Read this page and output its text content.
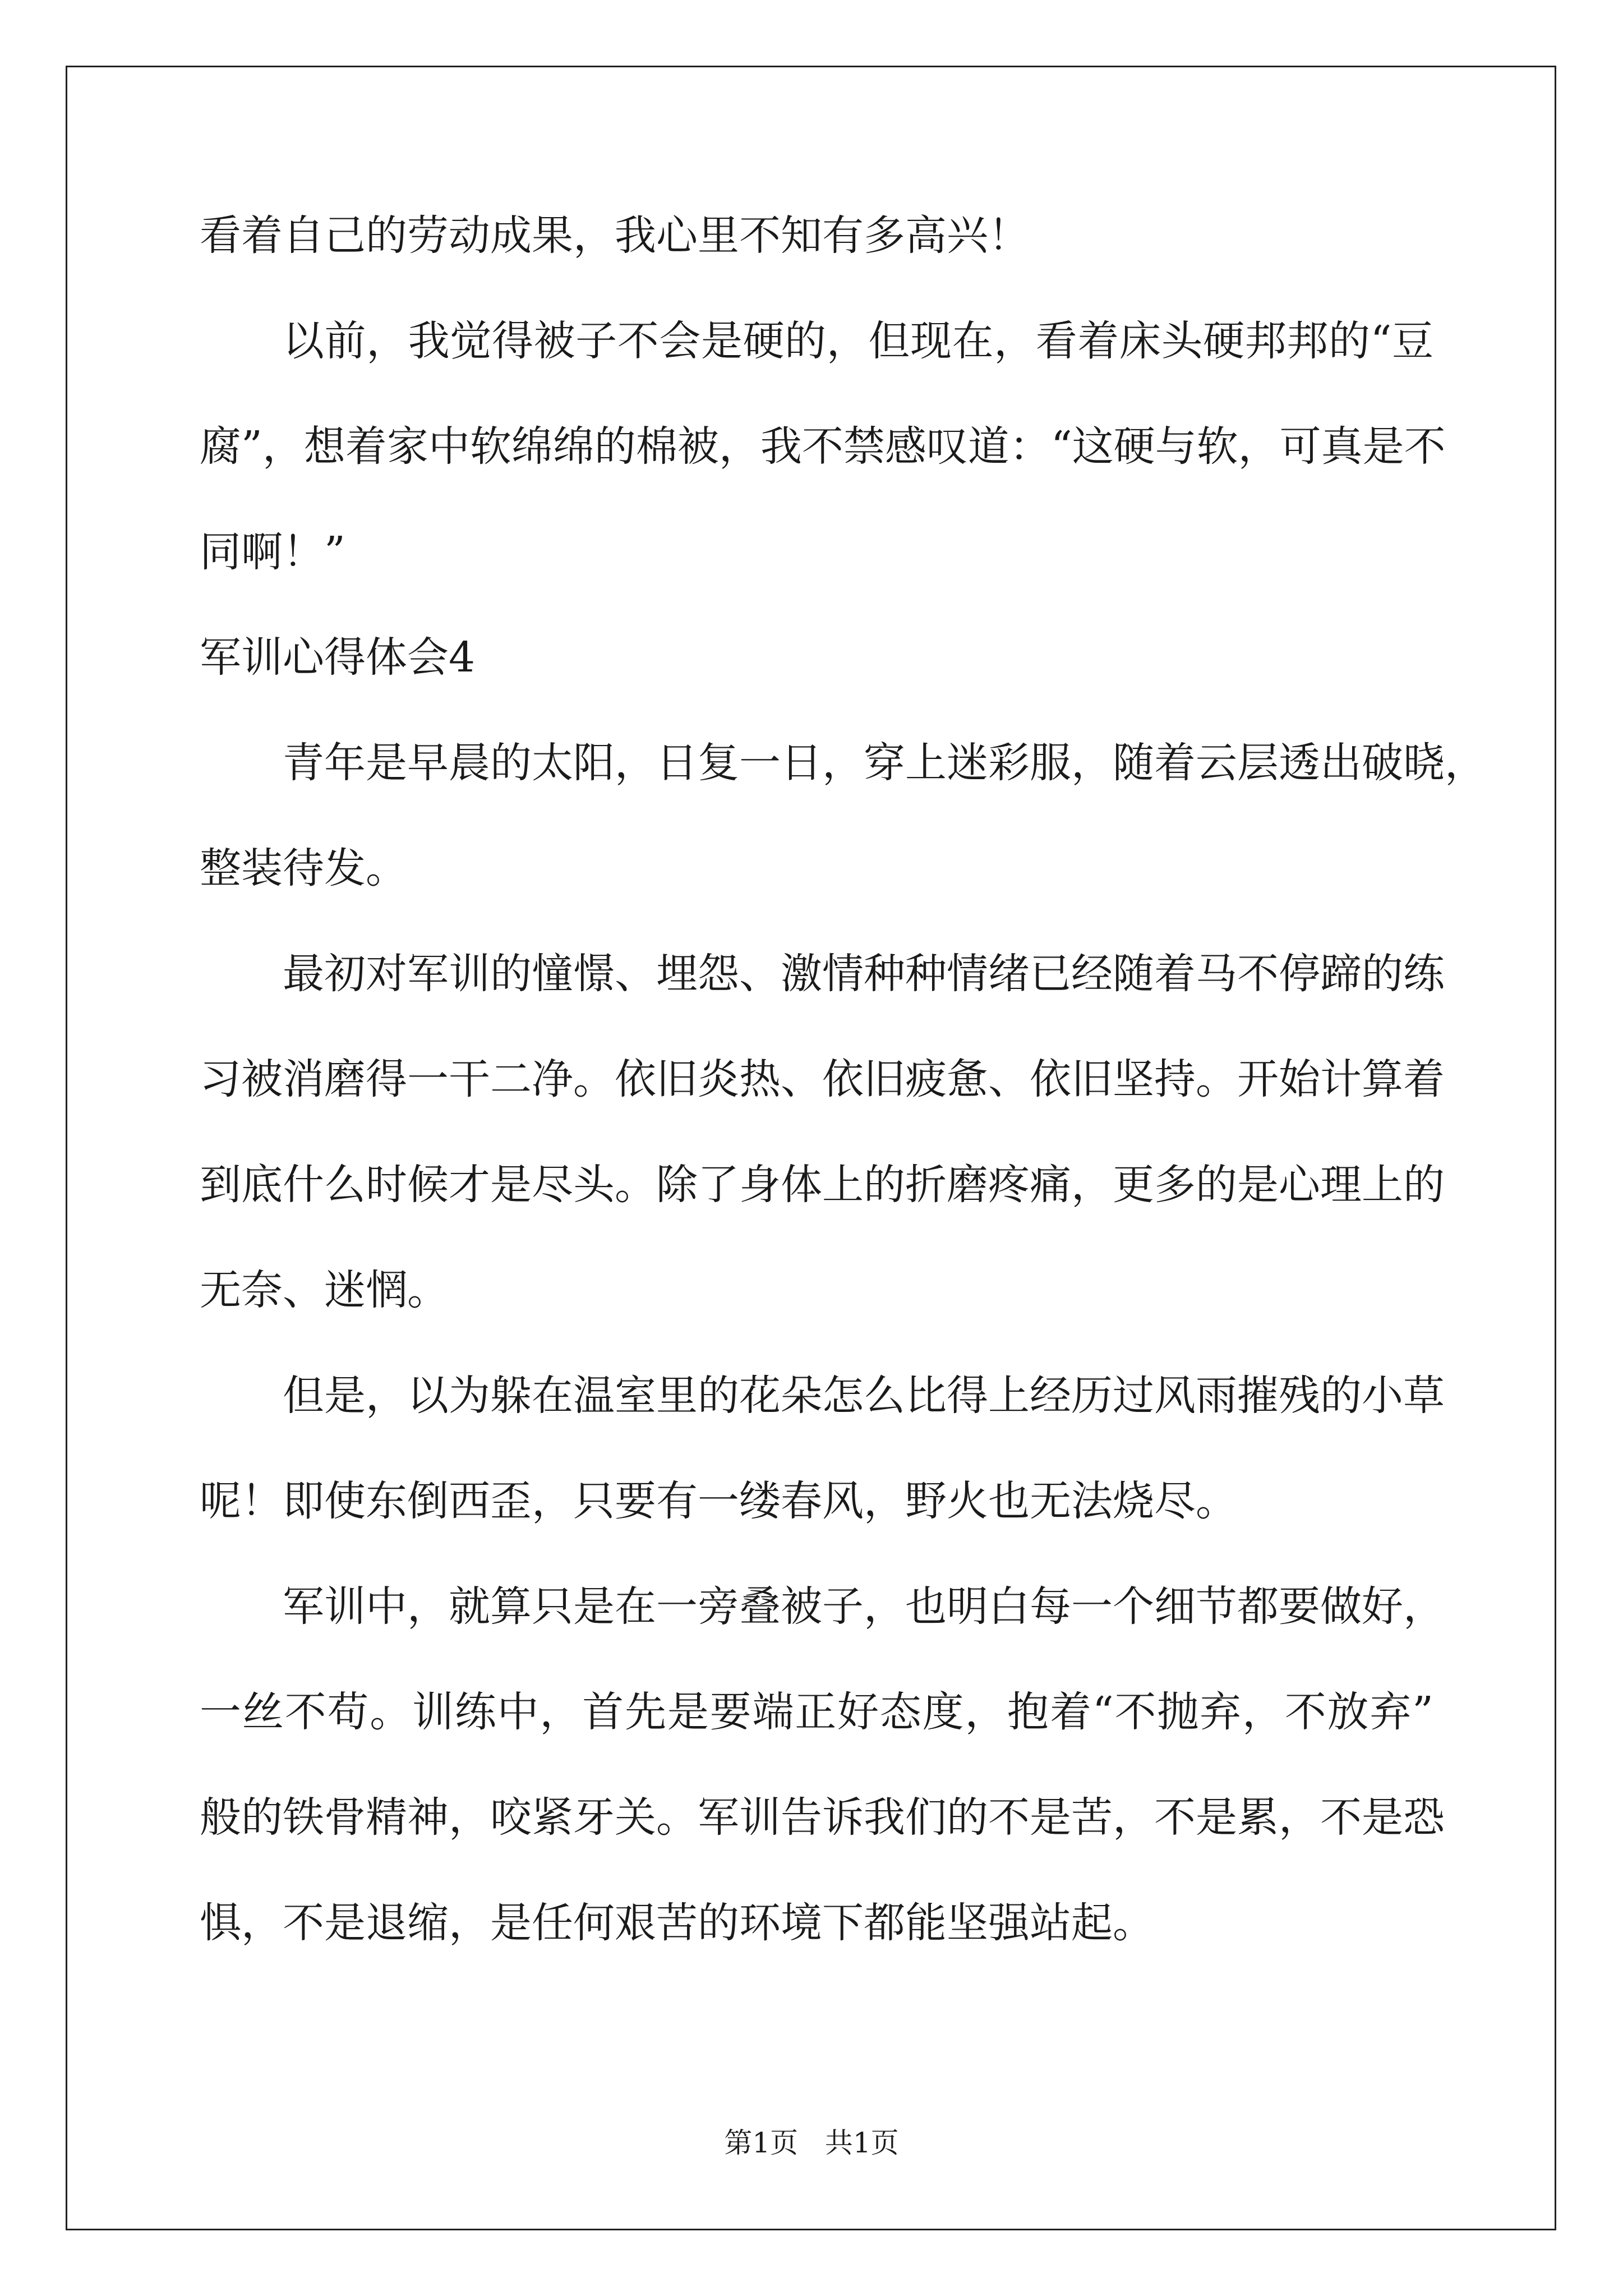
看着自己的劳动成果，我心里不知有多高兴！
以前，我觉得被子不会是硬的，但现在，看着床头硬邦邦的“豆
腐”，想着家中软绵绵的棉被，我不禁感叹道：“这硬与软，可真是不
同啊！”
军训心得体会4
青年是早晨的太阳，日复一日，穿上迷彩服，随着云层透出破晓，
整装待发。
最初对军训的憧憬、埋怨、激情种种情绪已经随着马不停蹄的练
习被消磨得一干二净。依旧炎热、依旧疲惫、依旧坚持。开始计算着
到底什么时候才是尽头。除了身体上的折磨疼痛，更多的是心理上的
无奈、迷惘。
但是，以为躲在温室里的花朵怎么比得上经历过风雨摧残的小草
呢！即使东倒西歪，只要有一缕春风，野火也无法烧尽。
军训中，就算只是在一旁叠被子，也明白每一个细节都要做好，
一丝不苟。训练中，首先是要端正好态度，抱着“不抛弃，不放弃”
般的铁骨精神，咬紧牙关。军训告诉我们的不是苦，不是累，不是恐
惧，不是退缩，是任何艰苦的环境下都能坚强站起。
第1页   共1页
